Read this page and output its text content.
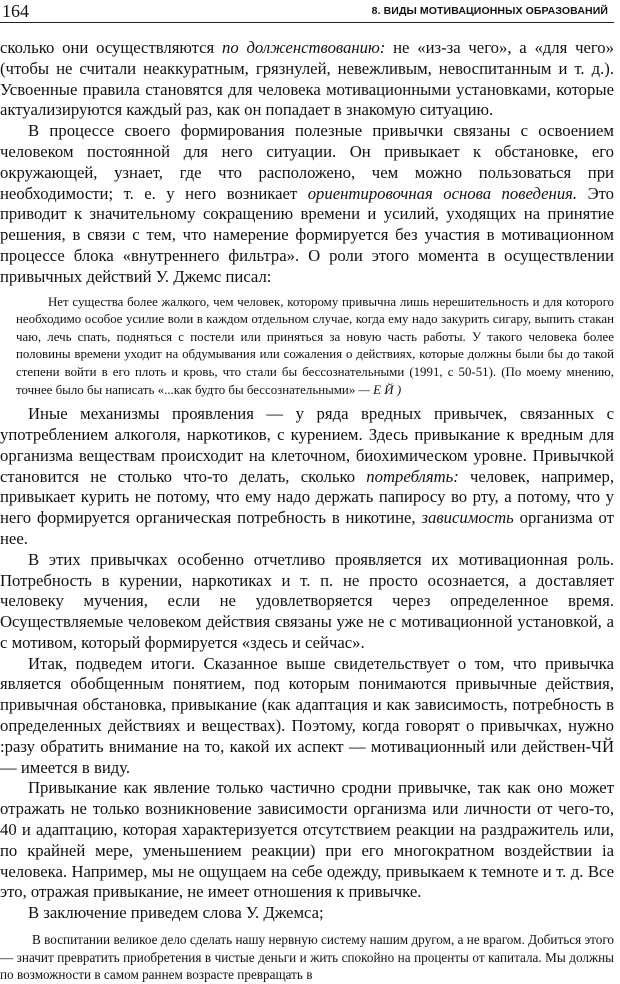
164	8. ВИДЫ МОТИВАЦИОННЫХ ОБРАЗОВАНИЙ

сколько они осуществляются по долженствованию: не «из-за чего», а «для чего» (чтобы не считали неаккуратным, грязнулей, невежливым, невоспитанным и т. д.). Усвоенные правила становятся для человека мотивационными установками, которые актуализируются каждый раз, как он попадает в знакомую ситуацию.

В процессе своего формирования полезные привычки связаны с освоением человеком постоянной для него ситуации. Он привыкает к обстановке, его окружающей, узнает, где что расположено, чем можно пользоваться при необходимости; т. е. у него возникает ориентировочная основа поведения. Это приводит к значительному сокращению времени и усилий, уходящих на принятие решения, в связи с тем, что намерение формируется без участия в мотивационном процессе блока «внутреннего фильтра». О роли этого момента в осуществлении привычных действий У. Джемс писал:

Нет существа более жалкого, чем человек, которому привычна лишь нерешительность и для которого необходимо особое усилие воли в каждом отдельном случае, когда ему надо закурить сигару, выпить стакан чаю, лечь спать, подняться с постели или приняться за новую часть работы. У такого человека более половины времени уходит на обдумывания или сожаления о действиях, которые должны были бы до такой степени войти в его плоть и кровь, что стали бы бессознательными (1991, с 50-51). (По моему мнению, точнее было бы написать «...как будто бы бессознательными» — Е Й )

Иные механизмы проявления — у ряда вредных привычек, связанных с употреблением алкоголя, наркотиков, с курением. Здесь привыкание к вредным для организма веществам происходит на клеточном, биохимическом уровне. Привычкой становится не столько что-то делать, сколько потреблять: человек, например, привыкает курить не потому, что ему надо держать папиросу во рту, а потому, что у него формируется органическая потребность в никотине, зависимость организма от нее.

В этих привычках особенно отчетливо проявляется их мотивационная роль. Потребность в курении, наркотиках и т. п. не просто осознается, а доставляет человеку мучения, если не удовлетворяется через определенное время. Осуществляемые человеком действия связаны уже не с мотивационной установкой, а с мотивом, который формируется «здесь и сейчас».

Итак, подведем итоги. Сказанное выше свидетельствует о том, что привычка является обобщенным понятием, под которым понимаются привычные действия, привычная обстановка, привыкание (как адаптация и как зависимость, потребность в определенных действиях и веществах). Поэтому, когда говорят о привычках, нужно :разу обратить внимание на то, какой их аспект — мотивационный или действен-ЧЙ — имеется в виду.

Привыкание как явление только частично сродни привычке, так как оно может отражать не только возникновение зависимости организма или личности от чего-то, 40 и адаптацию, которая характеризуется отсутствием реакции на раздражитель или, по крайней мере, уменьшением реакции) при его многократном воздействии іа человека. Например, мы не ощущаем на себе одежду, привыкаем к темноте и т. д. Все это, отражая привыкание, не имеет отношения к привычке.

В заключение приведем слова У. Джемса;

В воспитании великое дело сделать нашу нервную систему нашим другом, а не врагом. Добиться этого — значит превратить приобретения в чистые деньги и жить спокойно на проценты от капитала. Мы должны по возможности в самом раннем возрасте превращать в
